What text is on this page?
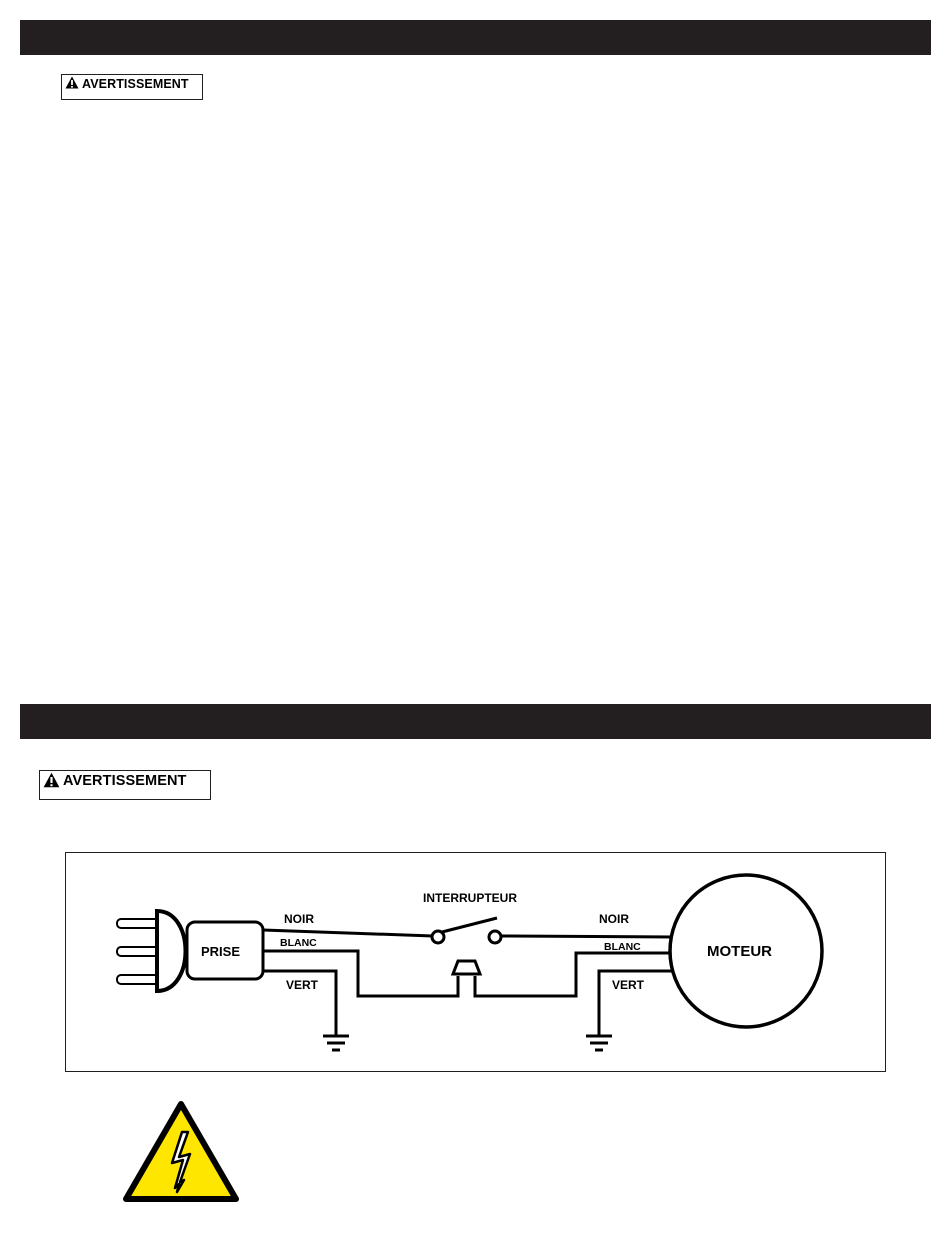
AVERTISSEMENT
AVERTISSEMENT
PRISE
INTERRUPTEUR
NOIR
BLANC
VERT
NOIR
BLANC
VERT
MOTEUR
